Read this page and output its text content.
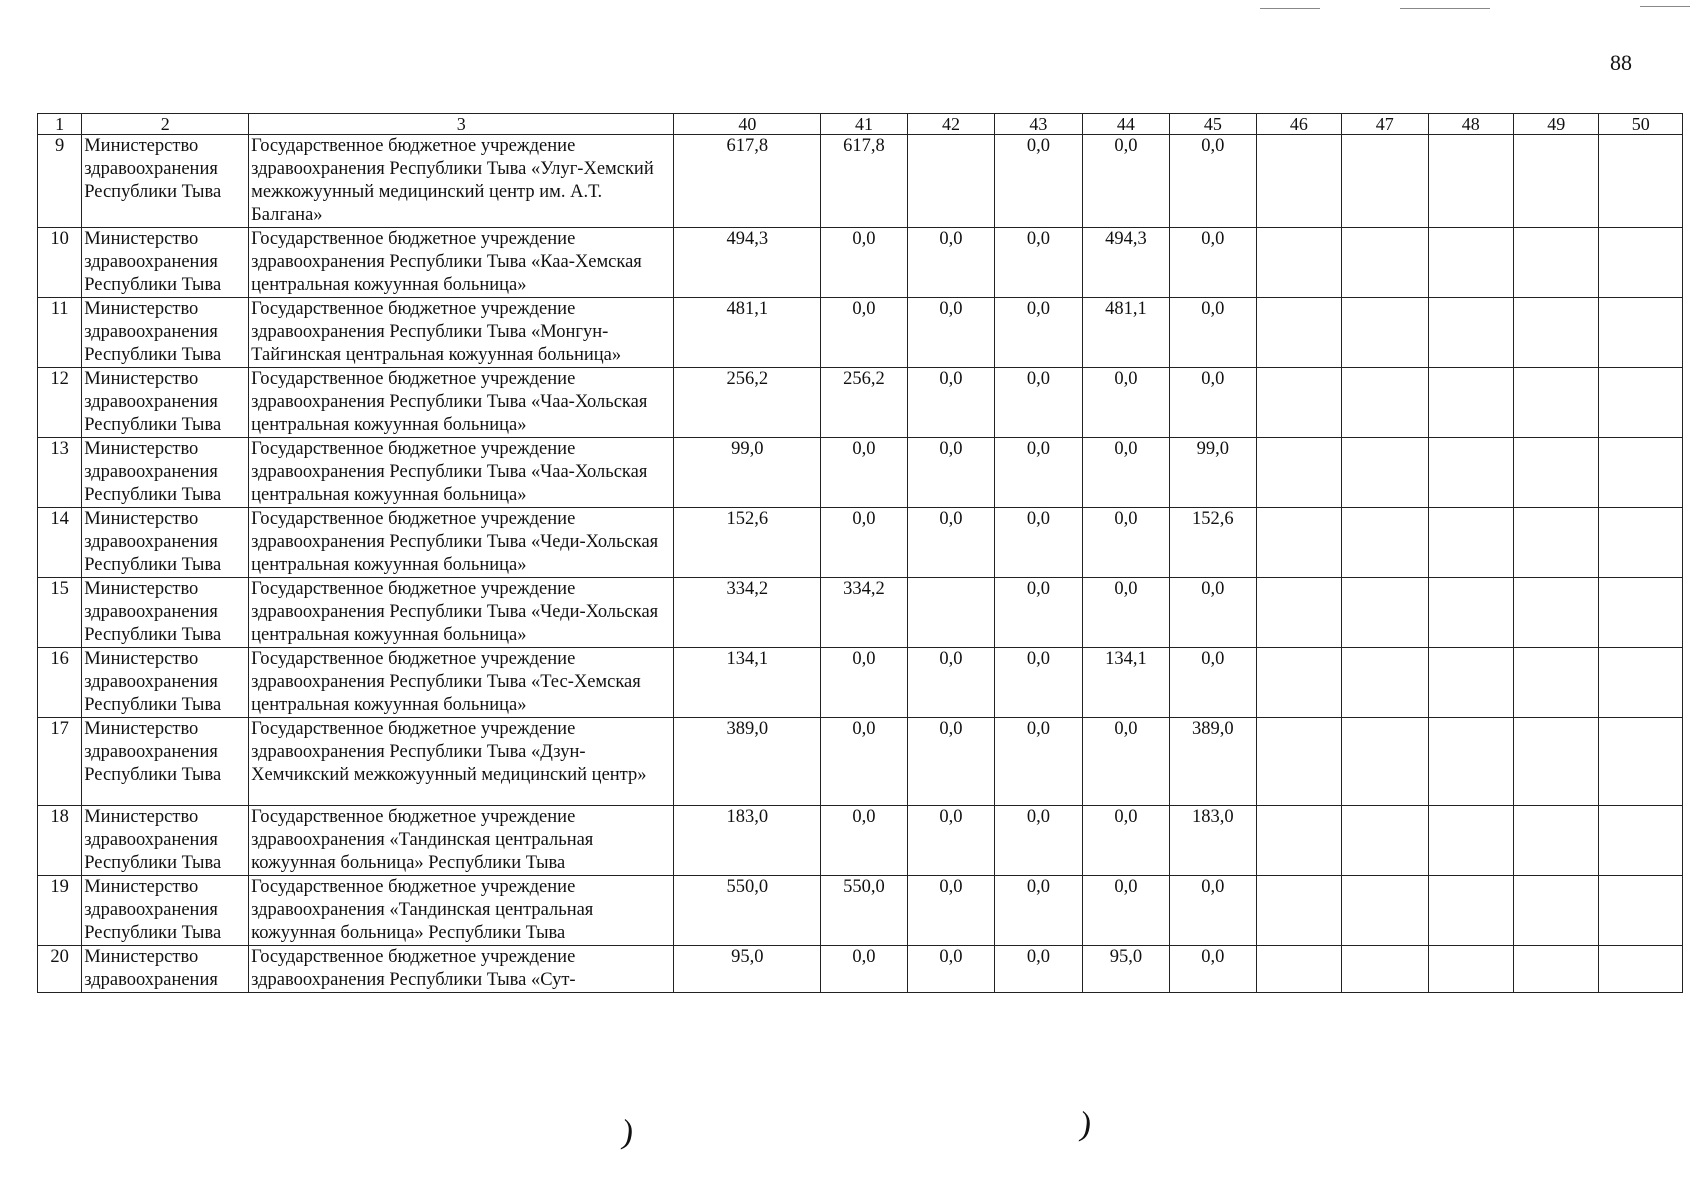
88
1	2	3	40	41	42	43	44	45	46	47	48	49	50
9	Министерство здравоохранения Республики Тыва	Государственное бюджетное учреждение здравоохранения Республики Тыва «Улуг-Хемский межкожуунный медицинский центр им. А.Т. Балгана»	617,8	617,8		0,0	0,0	0,0					
10	Министерство здравоохранения Республики Тыва	Государственное бюджетное учреждение здравоохранения Республики Тыва «Каа-Хемская центральная кожуунная больница»	494,3	0,0	0,0	0,0	494,3	0,0					
11	Министерство здравоохранения Республики Тыва	Государственное бюджетное учреждение здравоохранения Республики Тыва «Монгун-Тайгинская центральная кожуунная больница»	481,1	0,0	0,0	0,0	481,1	0,0					
12	Министерство здравоохранения Республики Тыва	Государственное бюджетное учреждение здравоохранения Республики Тыва «Чаа-Хольская центральная кожуунная больница»	256,2	256,2	0,0	0,0	0,0	0,0					
13	Министерство здравоохранения Республики Тыва	Государственное бюджетное учреждение здравоохранения Республики Тыва «Чаа-Хольская центральная кожуунная больница»	99,0	0,0	0,0	0,0	0,0	99,0					
14	Министерство здравоохранения Республики Тыва	Государственное бюджетное учреждение здравоохранения Республики Тыва «Чеди-Хольская центральная кожуунная больница»	152,6	0,0	0,0	0,0	0,0	152,6					
15	Министерство здравоохранения Республики Тыва	Государственное бюджетное учреждение здравоохранения Республики Тыва «Чеди-Хольская центральная кожуунная больница»	334,2	334,2		0,0	0,0	0,0					
16	Министерство здравоохранения Республики Тыва	Государственное бюджетное учреждение здравоохранения Республики Тыва «Тес-Хемская центральная кожуунная больница»	134,1	0,0	0,0	0,0	134,1	0,0					
17	Министерство здравоохранения Республики Тыва	Государственное бюджетное учреждение здравоохранения Республики Тыва «Дзун-Хемчикский межкожуунный медицинский центр»	389,0	0,0	0,0	0,0	0,0	389,0					
18	Министерство здравоохранения Республики Тыва	Государственное бюджетное учреждение здравоохранения «Тандинская центральная кожуунная больница» Республики Тыва	183,0	0,0	0,0	0,0	0,0	183,0					
19	Министерство здравоохранения Республики Тыва	Государственное бюджетное учреждение здравоохранения «Тандинская центральная кожуунная больница» Республики Тыва	550,0	550,0	0,0	0,0	0,0	0,0					
20	Министерство здравоохранения	Государственное бюджетное учреждение здравоохранения Республики Тыва «Сут-	95,0	0,0	0,0	0,0	95,0	0,0					
)	)
